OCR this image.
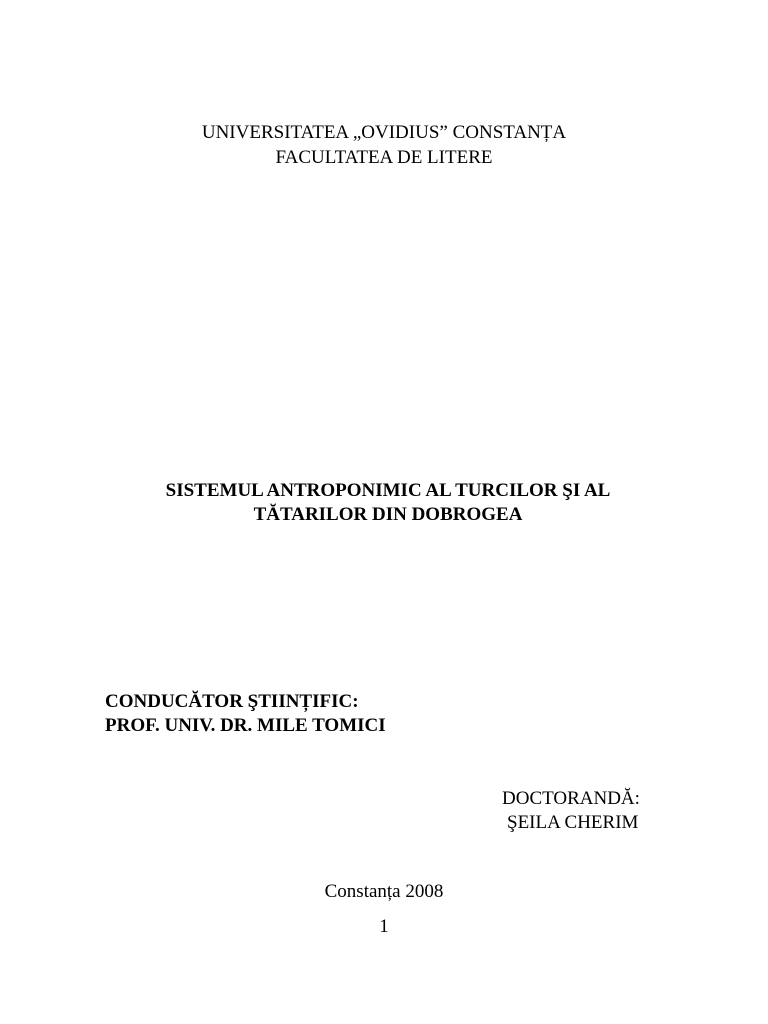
UNIVERSITATEA „OVIDIUS” CONSTANȚA
FACULTATEA DE LITERE
SISTEMUL ANTROPONIMIC AL TURCILOR ŞI AL
TĂTARILOR DIN DOBROGEA
CONDUCĂTOR ŞTIINȚIFIC:
PROF. UNIV. DR. MILE TOMICI
DOCTORANDĂ:
ŞEILA CHERIM
Constanța 2008
1
